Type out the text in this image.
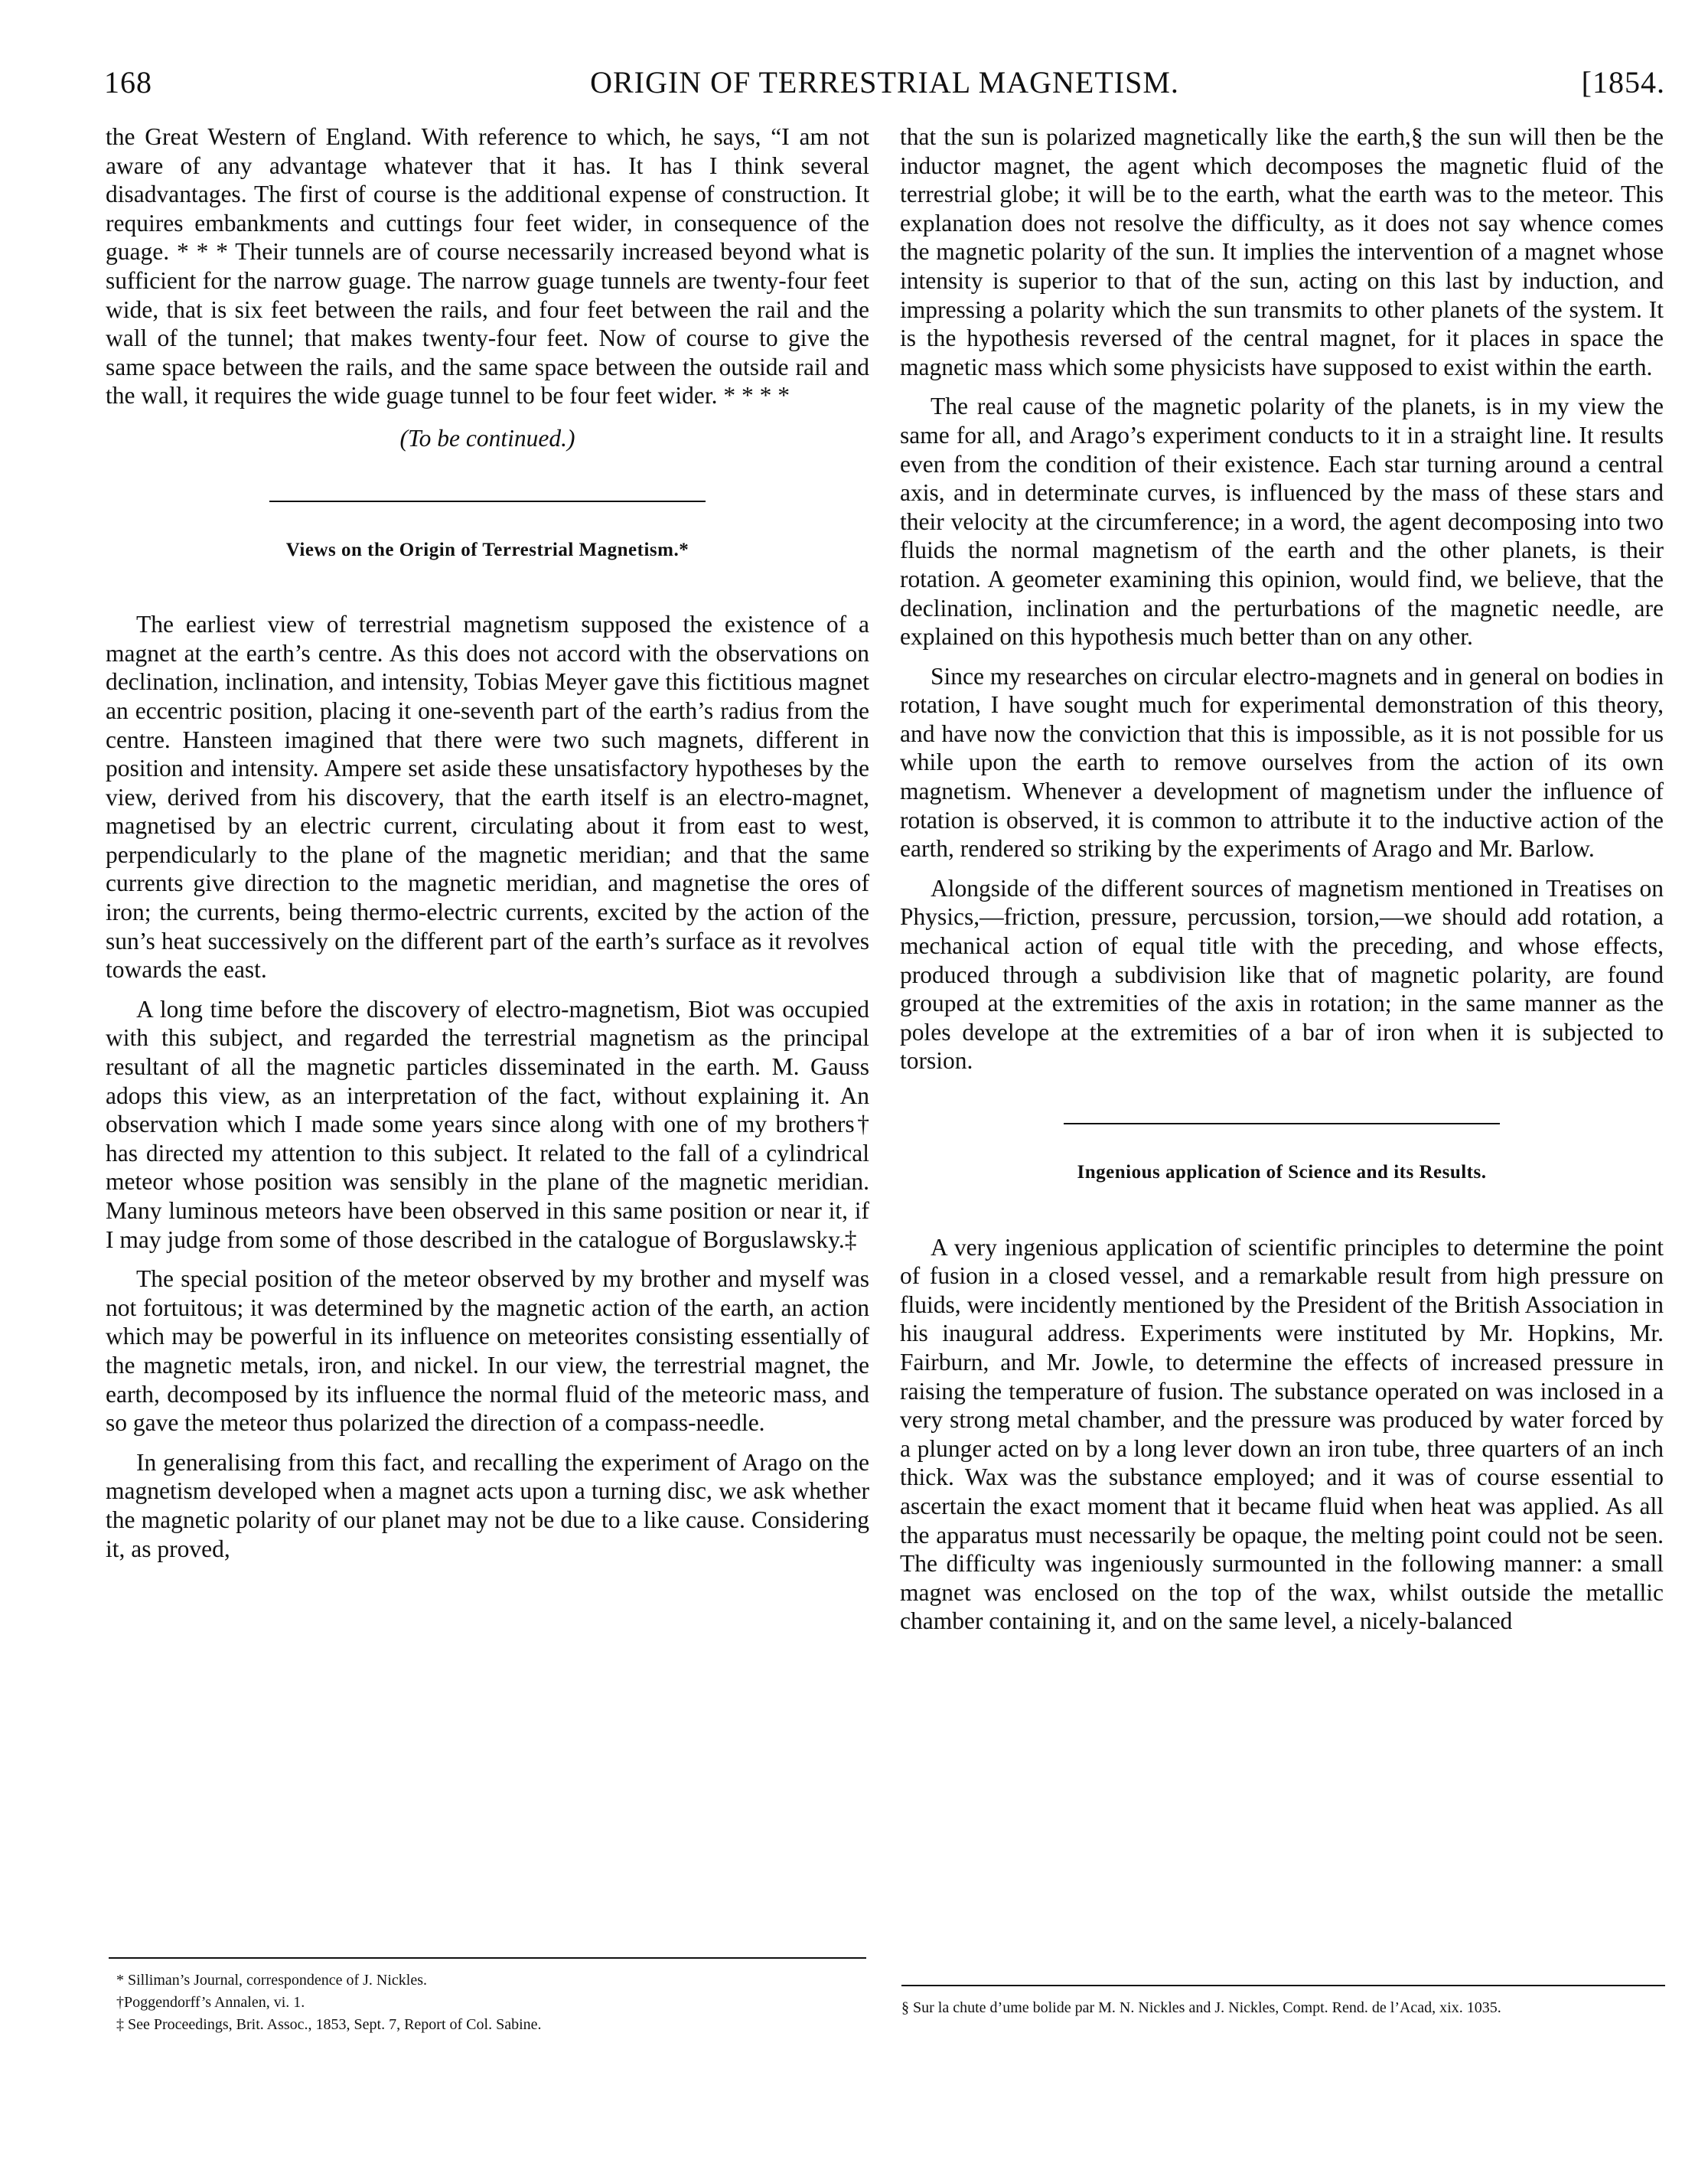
168	ORIGIN OF TERRESTRIAL MAGNETISM.	[1854.

the Great Western of England. With reference to which, he says, “I am not aware of any advantage whatever that it has. It has I think several disadvantages. The first of course is the additional expense of construction. It requires embankments and cuttings four feet wider, in consequence of the guage. * * * Their tunnels are of course necessarily increased beyond what is sufficient for the narrow guage. The narrow guage tunnels are twenty-four feet wide, that is six feet between the rails, and four feet between the rail and the wall of the tunnel; that makes twenty-four feet. Now of course to give the same space between the rails, and the same space between the outside rail and the wall, it requires the wide guage tunnel to be four feet wider. * * * *

(To be continued.)
Views on the Origin of Terrestrial Magnetism.*

The earliest view of terrestrial magnetism supposed the existence of a magnet at the earth’s centre. As this does not accord with the observations on declination, inclination, and intensity, Tobias Meyer gave this fictitious magnet an eccentric position, placing it one-seventh part of the earth’s radius from the centre. Hansteen imagined that there were two such magnets, different in position and intensity. Ampere set aside these unsatisfactory hypotheses by the view, derived from his discovery, that the earth itself is an electro-magnet, magnetised by an electric current, circulating about it from east to west, perpendicularly to the plane of the magnetic meridian; and that the same currents give direction to the magnetic meridian, and magnetise the ores of iron; the currents, being thermo-electric currents, excited by the action of the sun’s heat successively on the different part of the earth’s surface as it revolves towards the east.

A long time before the discovery of electro-magnetism, Biot was occupied with this subject, and regarded the terrestrial magnetism as the principal resultant of all the magnetic particles disseminated in the earth. M. Gauss adops this view, as an interpretation of the fact, without explaining it. An observation which I made some years since along with one of my brothers† has directed my attention to this subject. It related to the fall of a cylindrical meteor whose position was sensibly in the plane of the magnetic meridian. Many luminous meteors have been observed in this same position or near it, if I may judge from some of those described in the catalogue of Borguslawsky.‡

The special position of the meteor observed by my brother and myself was not fortuitous; it was determined by the magnetic action of the earth, an action which may be powerful in its influence on meteorites consisting essentially of the magnetic metals, iron, and nickel. In our view, the terrestrial magnet, the earth, decomposed by its influence the normal fluid of the meteoric mass, and so gave the meteor thus polarized the direction of a compass-needle.

In generalising from this fact, and recalling the experiment of Arago on the magnetism developed when a magnet acts upon a turning disc, we ask whether the magnetic polarity of our planet may not be due to a like cause. Considering it, as proved,

* Silliman’s Journal, correspondence of J. Nickles.
†Poggendorff’s Annalen, vi. 1.
‡ See Proceedings, Brit. Assoc., 1853, Sept. 7, Report of Col. Sabine.

that the sun is polarized magnetically like the earth,§ the sun will then be the inductor magnet, the agent which decomposes the magnetic fluid of the terrestrial globe; it will be to the earth, what the earth was to the meteor. This explanation does not resolve the difficulty, as it does not say whence comes the magnetic polarity of the sun. It implies the intervention of a magnet whose intensity is superior to that of the sun, acting on this last by induction, and impressing a polarity which the sun transmits to other planets of the system. It is the hypothesis reversed of the central magnet, for it places in space the magnetic mass which some physicists have supposed to exist within the earth.

The real cause of the magnetic polarity of the planets, is in my view the same for all, and Arago’s experiment conducts to it in a straight line. It results even from the condition of their existence. Each star turning around a central axis, and in determinate curves, is influenced by the mass of these stars and their velocity at the circumference; in a word, the agent decomposing into two fluids the normal magnetism of the earth and the other planets, is their rotation. A geometer examining this opinion, would find, we believe, that the declination, inclination and the perturbations of the magnetic needle, are explained on this hypothesis much better than on any other.

Since my researches on circular electro-magnets and in general on bodies in rotation, I have sought much for experimental demonstration of this theory, and have now the conviction that this is impossible, as it is not possible for us while upon the earth to remove ourselves from the action of its own magnetism. Whenever a development of magnetism under the influence of rotation is observed, it is common to attribute it to the inductive action of the earth, rendered so striking by the experiments of Arago and Mr. Barlow.

Alongside of the different sources of magnetism mentioned in Treatises on Physics,—friction, pressure, percussion, torsion,—we should add rotation, a mechanical action of equal title with the preceding, and whose effects, produced through a subdivision like that of magnetic polarity, are found grouped at the extremities of the axis in rotation; in the same manner as the poles develope at the extremities of a bar of iron when it is subjected to torsion.

Ingenious application of Science and its Results.

A very ingenious application of scientific principles to determine the point of fusion in a closed vessel, and a remarkable result from high pressure on fluids, were incidently mentioned by the President of the British Association in his inaugural address. Experiments were instituted by Mr. Hopkins, Mr. Fairburn, and Mr. Jowle, to determine the effects of increased pressure in raising the temperature of fusion. The substance operated on was inclosed in a very strong metal chamber, and the pressure was produced by water forced by a plunger acted on by a long lever down an iron tube, three quarters of an inch thick. Wax was the substance employed; and it was of course essential to ascertain the exact moment that it became fluid when heat was applied. As all the apparatus must necessarily be opaque, the melting point could not be seen. The difficulty was ingeniously surmounted in the following manner: a small magnet was enclosed on the top of the wax, whilst outside the metallic chamber containing it, and on the same level, a nicely-balanced

§ Sur la chute d’ume bolide par M. N. Nickles and J. Nickles, Compt. Rend. de l’Acad, xix. 1035.
